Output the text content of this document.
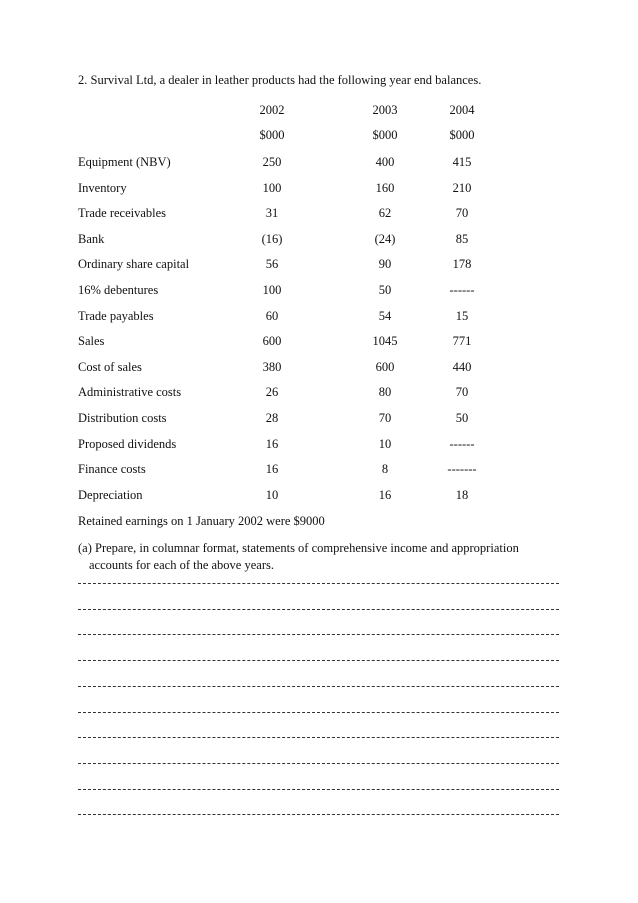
2. Survival Ltd, a dealer in leather products had the following year end balances.
2002	2003	2004
$000	$000	$000
Equipment (NBV)	250	400	415
Inventory	100	160	210
Trade receivables	31	62	70
Bank	(16)	(24)	85
Ordinary share capital	56	90	178
16% debentures	100	50	------
Trade payables	60	54	15
Sales	600	1045	771
Cost of sales	380	600	440
Administrative costs	26	80	70
Distribution costs	28	70	50
Proposed dividends	16	10	------
Finance costs	16	8	-------
Depreciation	10	16	18
Retained earnings on 1 January 2002 were $9000
(a) Prepare, in columnar format, statements of comprehensive income and appropriation
accounts for each of the above years.
